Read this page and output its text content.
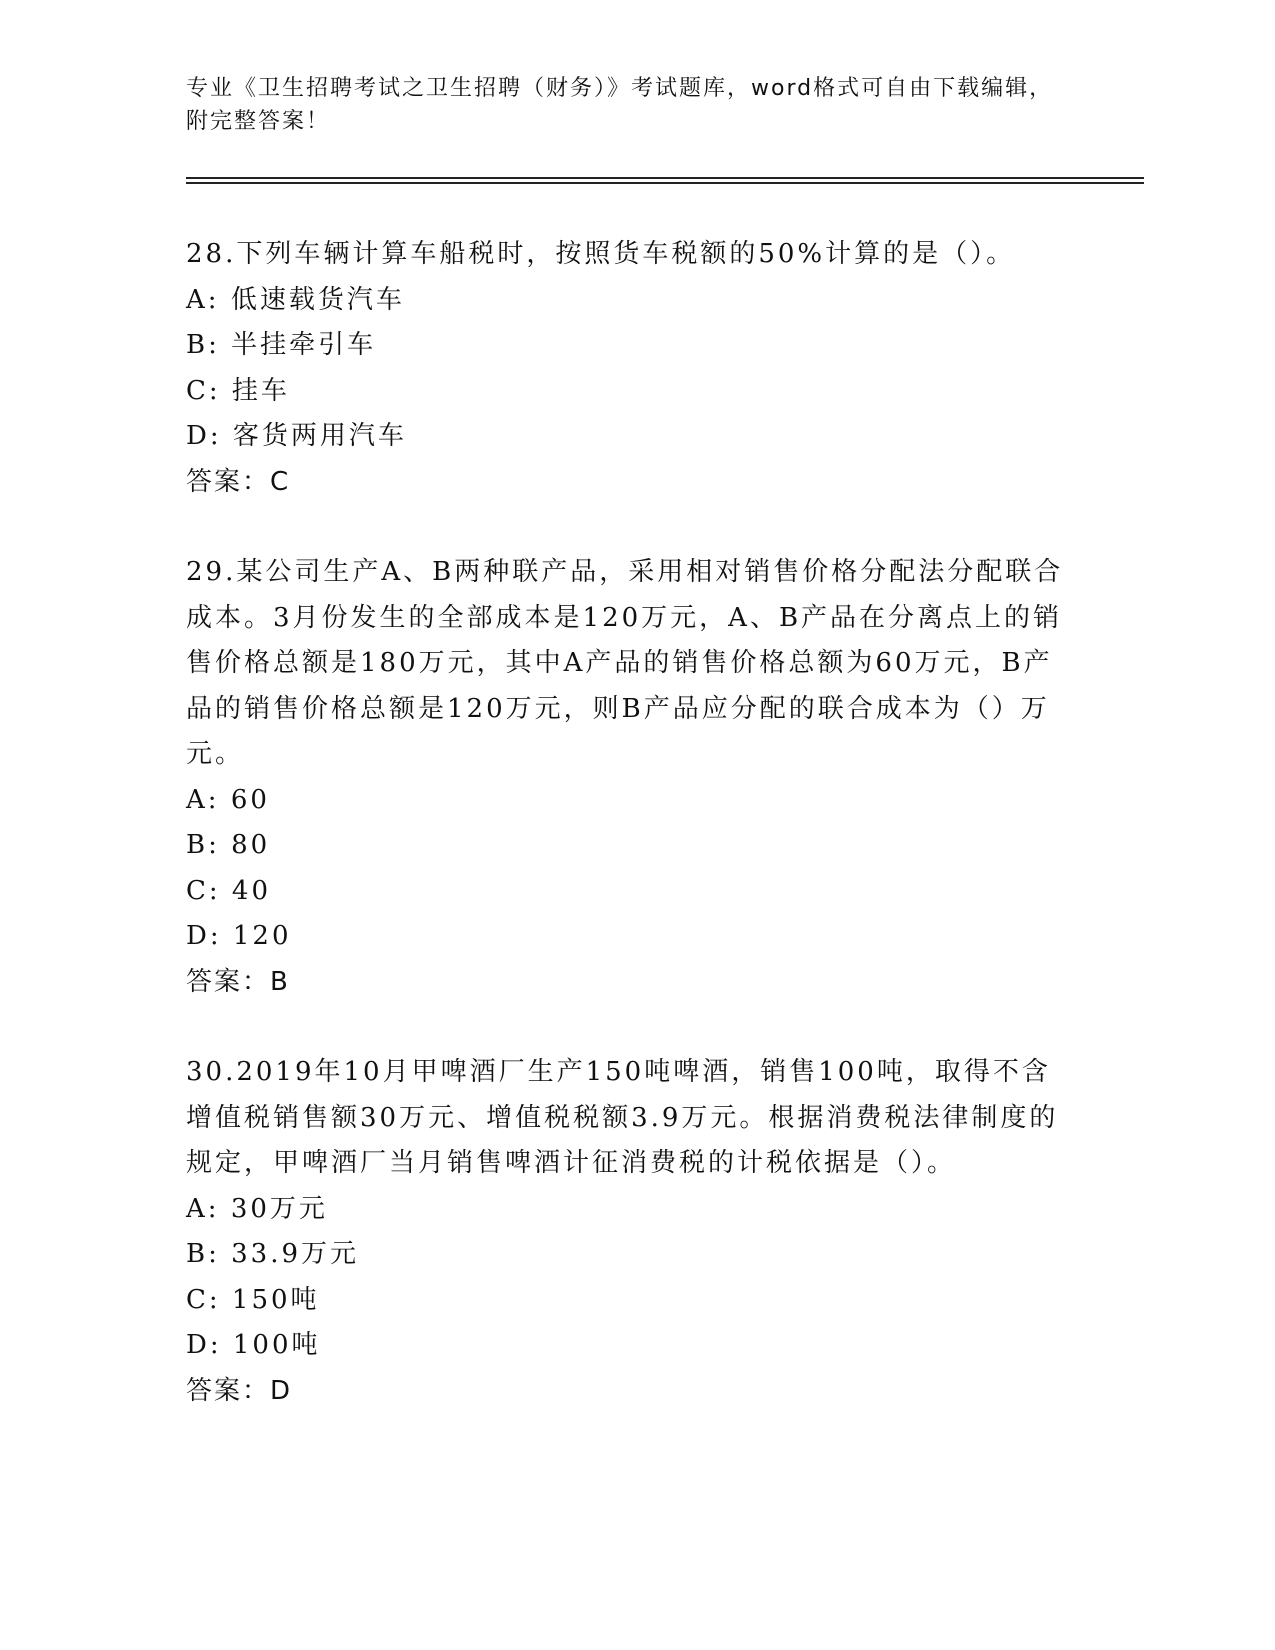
专业《卫生招聘考试之卫生招聘（财务）》考试题库，word格式可自由下载编辑，附完整答案！

28.下列车辆计算车船税时，按照货车税额的50%计算的是（）。

A: 低速载货汽车

B: 半挂牵引车

C: 挂车

D: 客货两用汽车

答案：C

29.某公司生产A、B两种联产品，采用相对销售价格分配法分配联合成本。3月份发生的全部成本是120万元，A、B产品在分离点上的销售价格总额是180万元，其中A产品的销售价格总额为60万元，B产品的销售价格总额是120万元，则B产品应分配的联合成本为（）万元。

A: 60

B: 80

C: 40

D: 120

答案：B

30.2019年10月甲啤酒厂生产150吨啤酒，销售100吨，取得不含增值税销售额30万元、增值税税额3.9万元。根据消费税法律制度的规定，甲啤酒厂当月销售啤酒计征消费税的计税依据是（）。

A: 30万元

B: 33.9万元

C: 150吨

D: 100吨

答案：D
